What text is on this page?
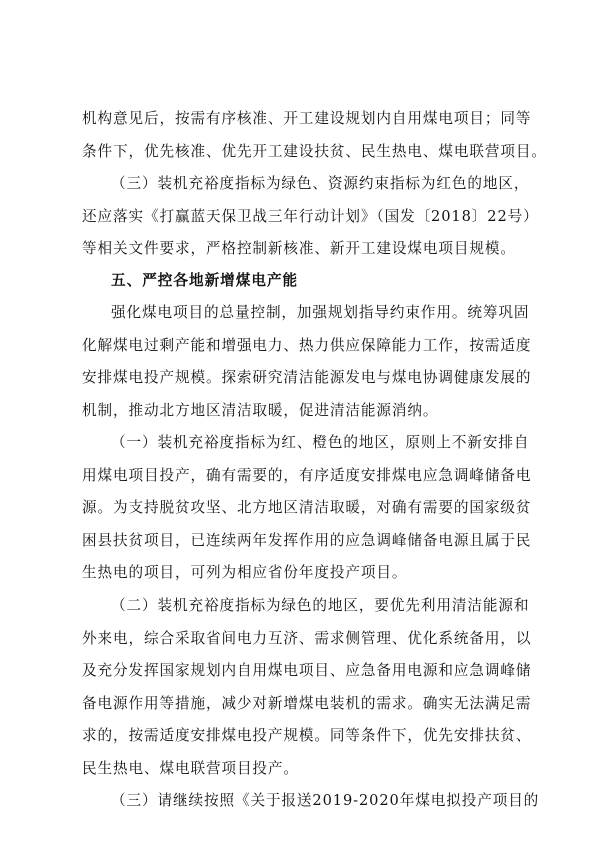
机构意见后，按需有序核准、开工建设规划内自用煤电项目；同等
条件下，优先核准、优先开工建设扶贫、民生热电、煤电联营项目。
（三）装机充裕度指标为绿色、资源约束指标为红色的地区，
还应落实《打赢蓝天保卫战三年行动计划》（国发〔2018〕22号）
等相关文件要求，严格控制新核准、新开工建设煤电项目规模。
五、严控各地新增煤电产能
强化煤电项目的总量控制，加强规划指导约束作用。统筹巩固
化解煤电过剩产能和增强电力、热力供应保障能力工作，按需适度
安排煤电投产规模。探索研究清洁能源发电与煤电协调健康发展的
机制，推动北方地区清洁取暖，促进清洁能源消纳。
（一）装机充裕度指标为红、橙色的地区，原则上不新安排自
用煤电项目投产，确有需要的，有序适度安排煤电应急调峰储备电
源。为支持脱贫攻坚、北方地区清洁取暖，对确有需要的国家级贫
困县扶贫项目，已连续两年发挥作用的应急调峰储备电源且属于民
生热电的项目，可列为相应省份年度投产项目。
（二）装机充裕度指标为绿色的地区，要优先利用清洁能源和
外来电，综合采取省间电力互济、需求侧管理、优化系统备用，以
及充分发挥国家规划内自用煤电项目、应急备用电源和应急调峰储
备电源作用等措施，减少对新增煤电装机的需求。确实无法满足需
求的，按需适度安排煤电投产规模。同等条件下，优先安排扶贫、
民生热电、煤电联营项目投产。
（三）请继续按照《关于报送2019-2020年煤电拟投产项目的
